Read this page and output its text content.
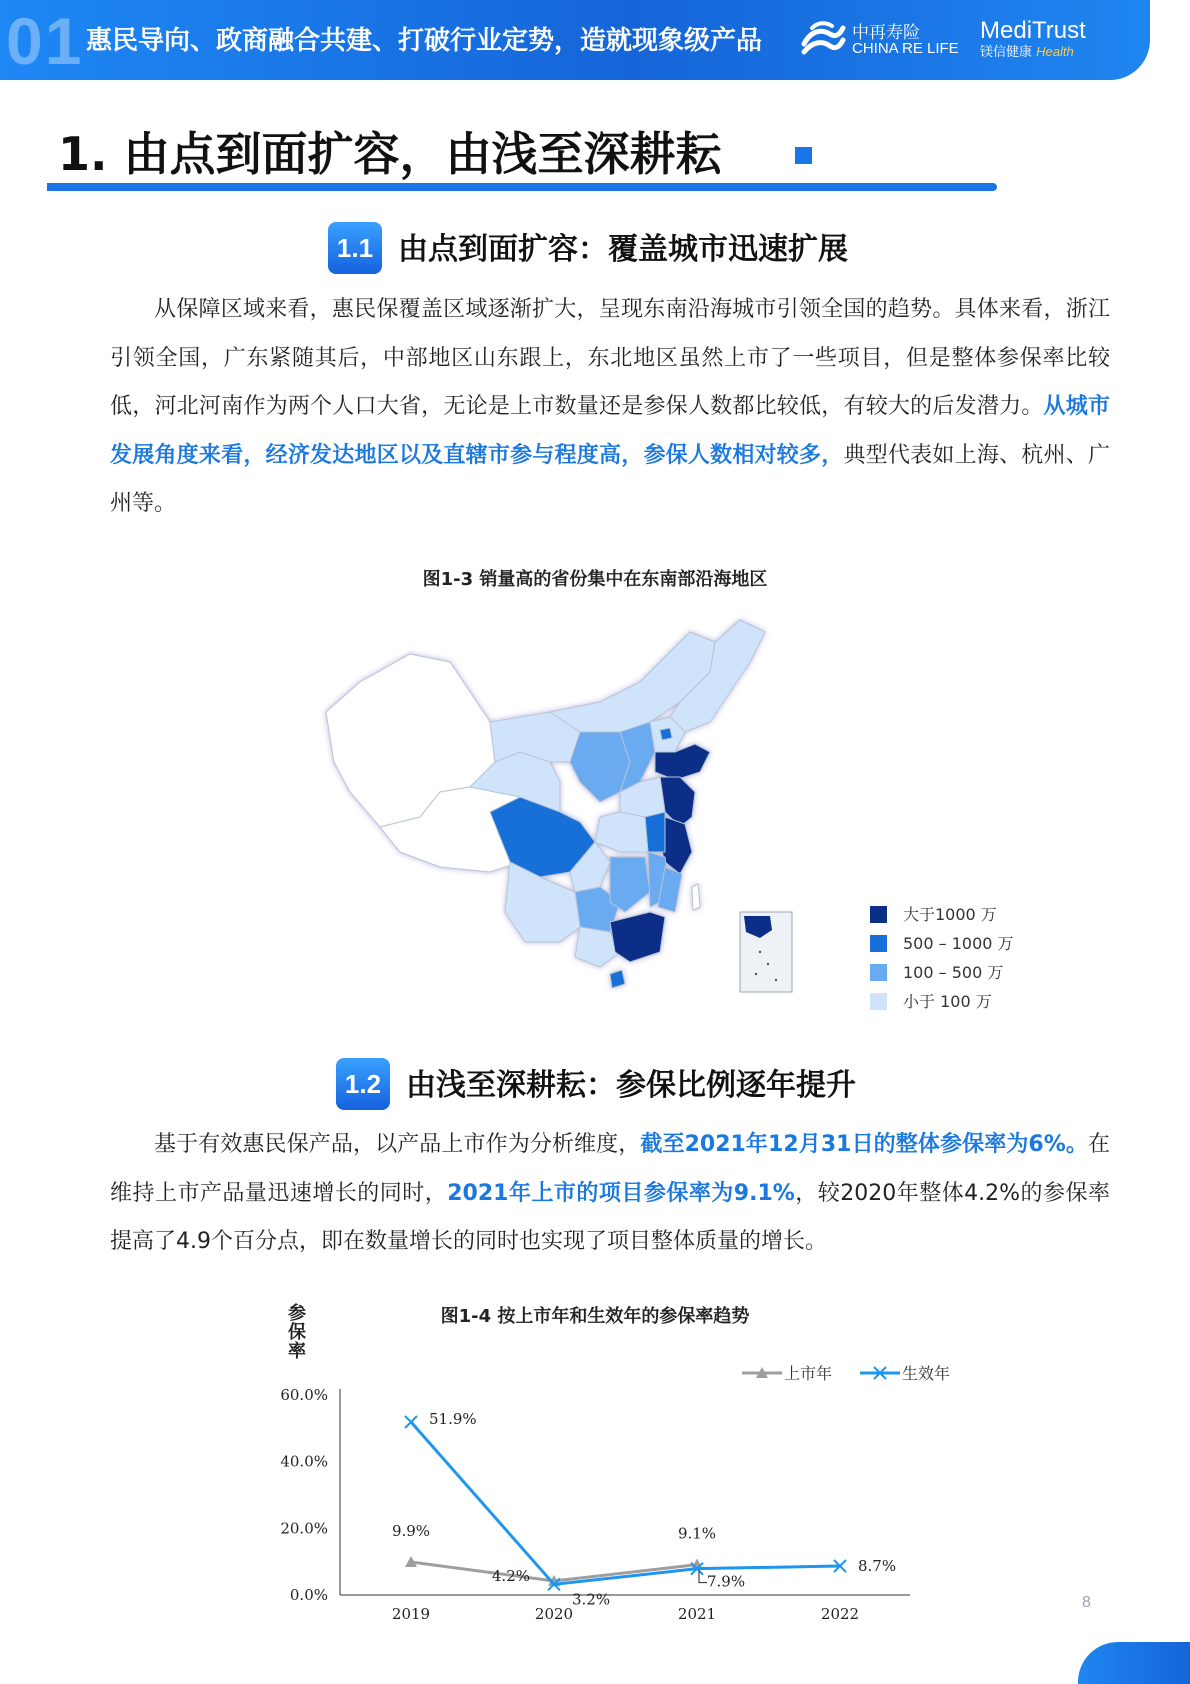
01 惠民导向、政商融合共建、打破行业定势，造就现象级产品	中再寿险
CHINA RE LIFE
MediTrust
镁信健康 Health
1. 由点到面扩容，由浅至深耕耘
1.1 由点到面扩容：覆盖城市迅速扩展
从保障区域来看，惠民保覆盖区域逐渐扩大，呈现东南沿海城市引领全国的趋势。具体来看，浙江引领全国，广东紧随其后，中部地区山东跟上，东北地区虽然上市了一些项目，但是整体参保率比较低，河北河南作为两个人口大省，无论是上市数量还是参保人数都比较低，有较大的后发潜力。从城市发展角度来看，经济发达地区以及直辖市参与程度高，参保人数相对较多，典型代表如上海、杭州、广州等。
图1-3 销量高的省份集中在东南部沿海地区
大于1000 万
500 – 1000 万
100 – 500 万
小于 100 万
1.2 由浅至深耕耘：参保比例逐年提升
基于有效惠民保产品，以产品上市作为分析维度，截至2021年12月31日的整体参保率为6%。在维持上市产品量迅速增长的同时，2021年上市的项目参保率为9.1%，较2020年整体4.2%的参保率提高了4.9个百分点，即在数量增长的同时也实现了项目整体质量的增长。
图1-4 按上市年和生效年的参保率趋势
参保率
0.0%
20.0%
40.0%
60.0%
2019	2020	2021	2022
9.9%
4.2%
9.1%
51.9%
3.2%
7.9%
8.7%
上市年	生效年
8
